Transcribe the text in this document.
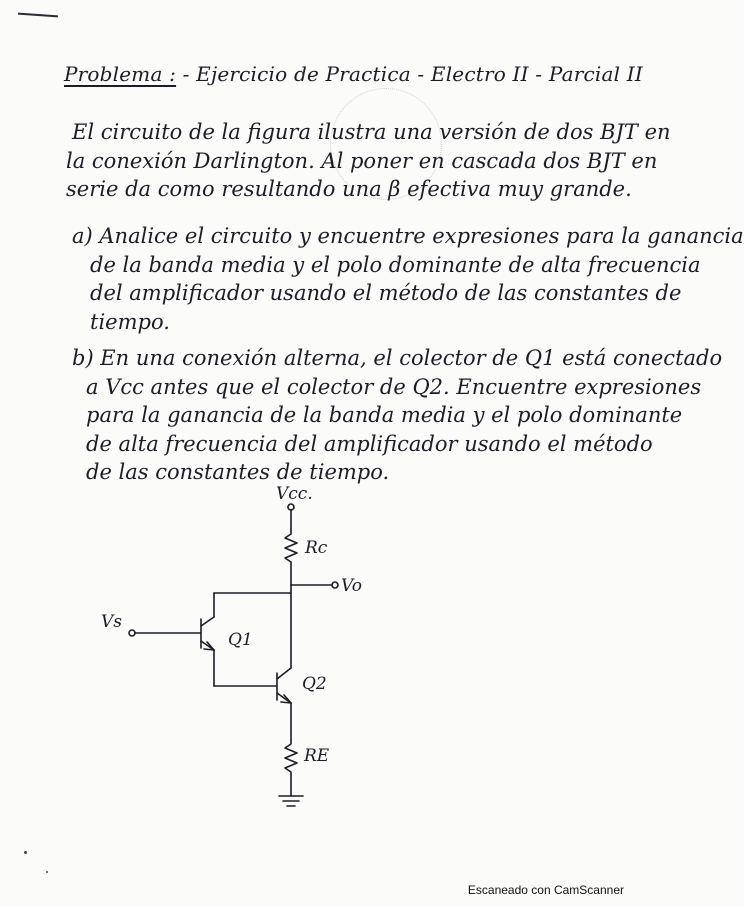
Problema : - Ejercicio de Practica - Electro II - Parcial II
El circuito de la figura ilustra una versión de dos BJT en
la conexión Darlington. Al poner en cascada dos BJT en
serie da como resultando una β efectiva muy grande.
a) Analice el circuito y encuentre expresiones para la ganancia
de la banda media y el polo dominante de alta frecuencia
del amplificador usando el método de las constantes de
tiempo.
b) En una conexión alterna, el colector de Q1 está conectado
a Vcc antes que el colector de Q2. Encuentre expresiones
para la ganancia de la banda media y el polo dominante
de alta frecuencia del amplificador usando el método
de las constantes de tiempo.
Vcc.
Rc
Vo
Vs
Q1
Q2
RE
Escaneado con CamScanner
